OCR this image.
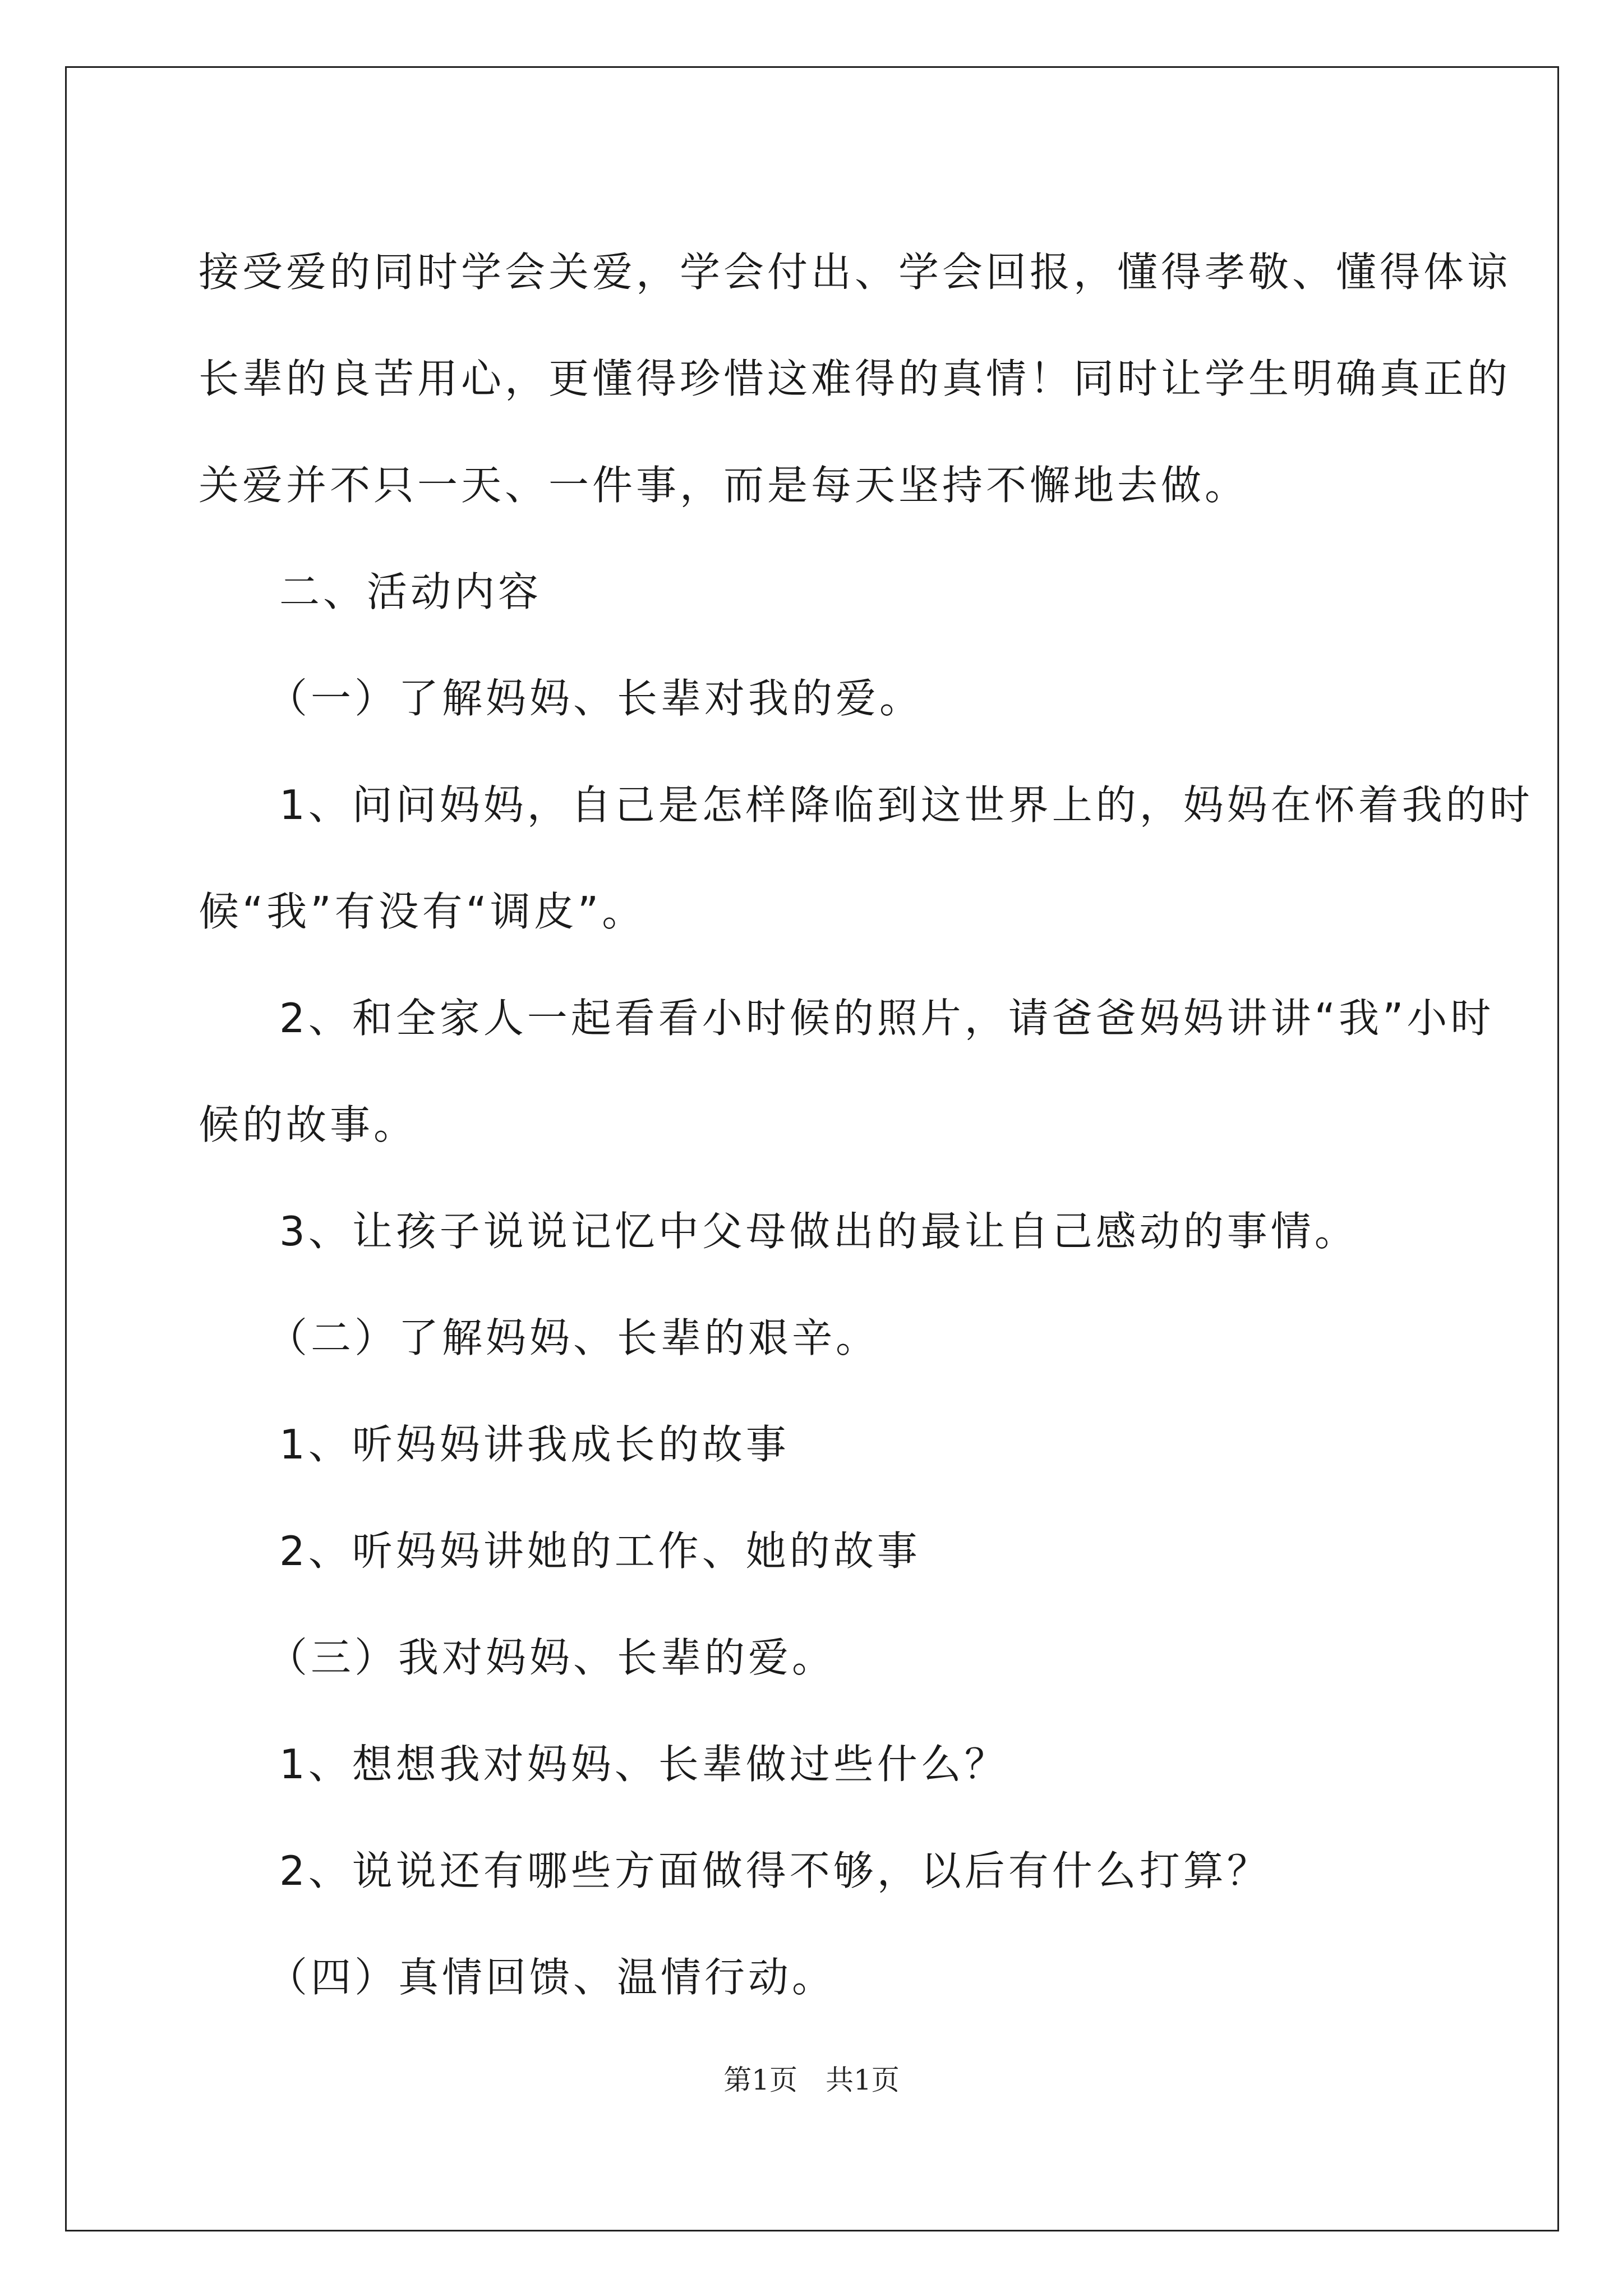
接受爱的同时学会关爱，学会付出、学会回报，懂得孝敬、懂得体谅

长辈的良苦用心，更懂得珍惜这难得的真情！同时让学生明确真正的

关爱并不只一天、一件事，而是每天坚持不懈地去做。

二、活动内容

（一）了解妈妈、长辈对我的爱。

1、问问妈妈，自己是怎样降临到这世界上的，妈妈在怀着我的时

候“我”有没有“调皮”。

2、和全家人一起看看小时候的照片，请爸爸妈妈讲讲“我”小时

候的故事。

3、让孩子说说记忆中父母做出的最让自己感动的事情。

（二）了解妈妈、长辈的艰辛。

1、听妈妈讲我成长的故事

2、听妈妈讲她的工作、她的故事

（三）我对妈妈、长辈的爱。

1、想想我对妈妈、长辈做过些什么？

2、说说还有哪些方面做得不够，以后有什么打算？

（四）真情回馈、温情行动。

第1页　共1页
